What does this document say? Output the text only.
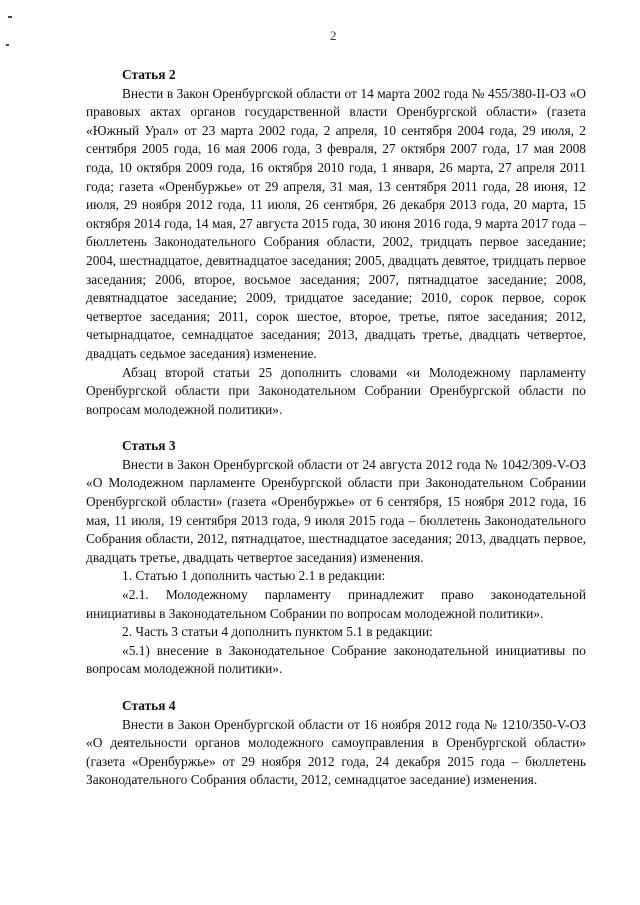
2

Статья 2

Внести в Закон Оренбургской области от 14 марта 2002 года № 455/380-II-ОЗ «О правовых актах органов государственной власти Оренбургской области» (газета «Южный Урал» от 23 марта 2002 года, 2 апреля, 10 сентября 2004 года, 29 июля, 2 сентября 2005 года, 16 мая 2006 года, 3 февраля, 27 октября 2007 года, 17 мая 2008 года, 10 октября 2009 года, 16 октября 2010 года, 1 января, 26 марта, 27 апреля 2011 года; газета «Оренбуржье» от 29 апреля, 31 мая, 13 сентября 2011 года, 28 июня, 12 июля, 29 ноября 2012 года, 11 июля, 26 сентября, 26 декабря 2013 года, 20 марта, 15 октября 2014 года, 14 мая, 27 августа 2015 года, 30 июня 2016 года, 9 марта 2017 года – бюллетень Законодательного Собрания области, 2002, тридцать первое заседание; 2004, шестнадцатое, девятнадцатое заседания; 2005, двадцать девятое, тридцать первое заседания; 2006, второе, восьмое заседания; 2007, пятнадцатое заседание; 2008, девятнадцатое заседание; 2009, тридцатое заседание; 2010, сорок первое, сорок четвертое заседания; 2011, сорок шестое, второе, третье, пятое заседания; 2012, четырнадцатое, семнадцатое заседания; 2013, двадцать третье, двадцать четвертое, двадцать седьмое заседания) изменение.

Абзац второй статьи 25 дополнить словами «и Молодежному парламенту Оренбургской области при Законодательном Собрании Оренбургской области по вопросам молодежной политики».

Статья 3

Внести в Закон Оренбургской области от 24 августа 2012 года № 1042/309-V-ОЗ «О Молодежном парламенте Оренбургской области при Законодательном Собрании Оренбургской области» (газета «Оренбуржье» от 6 сентября, 15 ноября 2012 года, 16 мая, 11 июля, 19 сентября 2013 года, 9 июля 2015 года – бюллетень Законодательного Собрания области, 2012, пятнадцатое, шестнадцатое заседания; 2013, двадцать первое, двадцать третье, двадцать четвертое заседания) изменения.

1. Статью 1 дополнить частью 2.1 в редакции:

«2.1. Молодежному парламенту принадлежит право законодательной инициативы в Законодательном Собрании по вопросам молодежной политики».

2. Часть 3 статьи 4 дополнить пунктом 5.1 в редакции:

«5.1) внесение в Законодательное Собрание законодательной инициативы по вопросам молодежной политики».

Статья 4

Внести в Закон Оренбургской области от 16 ноября 2012 года № 1210/350-V-ОЗ «О деятельности органов молодежного самоуправления в Оренбургской области» (газета «Оренбуржье» от 29 ноября 2012 года, 24 декабря 2015 года – бюллетень Законодательного Собрания области, 2012, семнадцатое заседание) изменения.
